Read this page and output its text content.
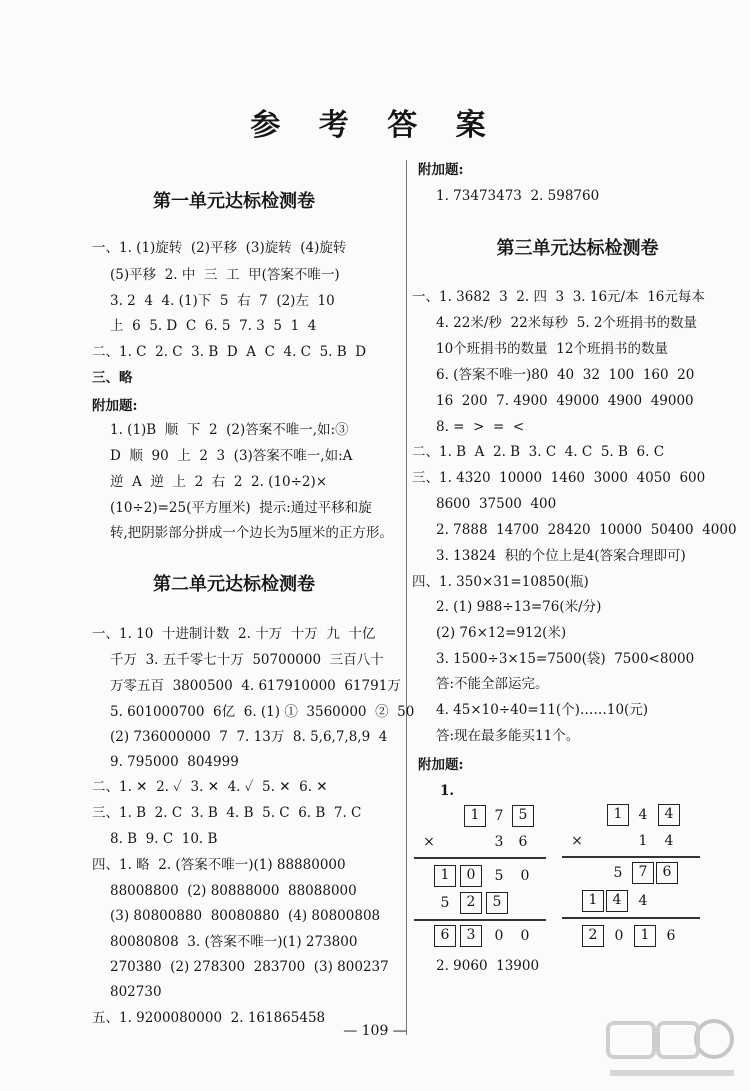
参 考 答 案
第一单元达标检测卷
一、1. (1)旋转  (2)平移  (3)旋转  (4)旋转
(5)平移  2. 中  三  工  甲(答案不唯一)
3. 2  4  4. (1)下  5  右  7  (2)左  10
上  6  5. D  C  6. 5  7. 3  5  1  4
二、1. C  2. C  3. B  D  A  C  4. C  5. B  D
三、略
附加题:
1. (1)B  顺  下  2  (2)答案不唯一,如:③
D  顺  90  上  2  3  (3)答案不唯一,如:A
逆  A  逆  上  2  右  2  2. (10÷2)×
(10÷2)=25(平方厘米)  提示:通过平移和旋
转,把阴影部分拼成一个边长为5厘米的正方形。
第二单元达标检测卷
一、1. 10  十进制计数  2. 十万  十万  九  十亿
千万  3. 五千零七十万  50700000  三百八十
万零五百  3800500  4. 617910000  61791万
5. 601000700  6亿  6. (1) ①  3560000  ②  50
(2) 736000000  7  7. 13万  8. 5,6,7,8,9  4
9. 795000  804999
二、1. ✕  2. ✓  3. ✕  4. ✓  5. ✕  6. ✕
三、1. B  2. C  3. B  4. B  5. C  6. B  7. C
8. B  9. C  10. B
四、1. 略  2. (答案不唯一)(1) 88880000
88008800  (2) 80888000  88088000
(3) 80800880  80080880  (4) 80800808
80080808  3. (答案不唯一)(1) 273800
270380  (2) 278300  283700  (3) 800237
802730
五、1. 9200080000  2. 161865458
附加题:
1. 73473473  2. 598760
第三单元达标检测卷
一、1. 3682  3  2. 四  3  3. 16元/本  16元每本
4. 22米/秒  22米每秒  5. 2个班捐书的数量
10个班捐书的数量  12个班捐书的数量
6. (答案不唯一)80  40  32  100  160  20
16  200  7. 4900  49000  4900  49000
8. =  >  =  <
二、1. B  A  2. B  3. C  4. C  5. B  6. C
三、1. 4320  10000  1460  3000  4050  600
8600  37500  400
2. 7888  14700  28420  10000  50400  4000
3. 13824  积的个位上是4(答案合理即可)
四、1. 350×31=10850(瓶)
2. (1) 988÷13=76(米/分)
(2) 76×12=912(米)
3. 1500÷3×15=7500(袋)  7500<8000
答:不能全部运完。
4. 45×10÷40=11(个)……10(元)
答:现在最多能买11个。
附加题:
1.
1	7	5
×	3	6
1	0	5	0
5	2	5
6	3	0	0
1	4	4
×	1	4
5	7	6
1	4	4
2	0	1	6
2. 9060  13900
— 109 —
